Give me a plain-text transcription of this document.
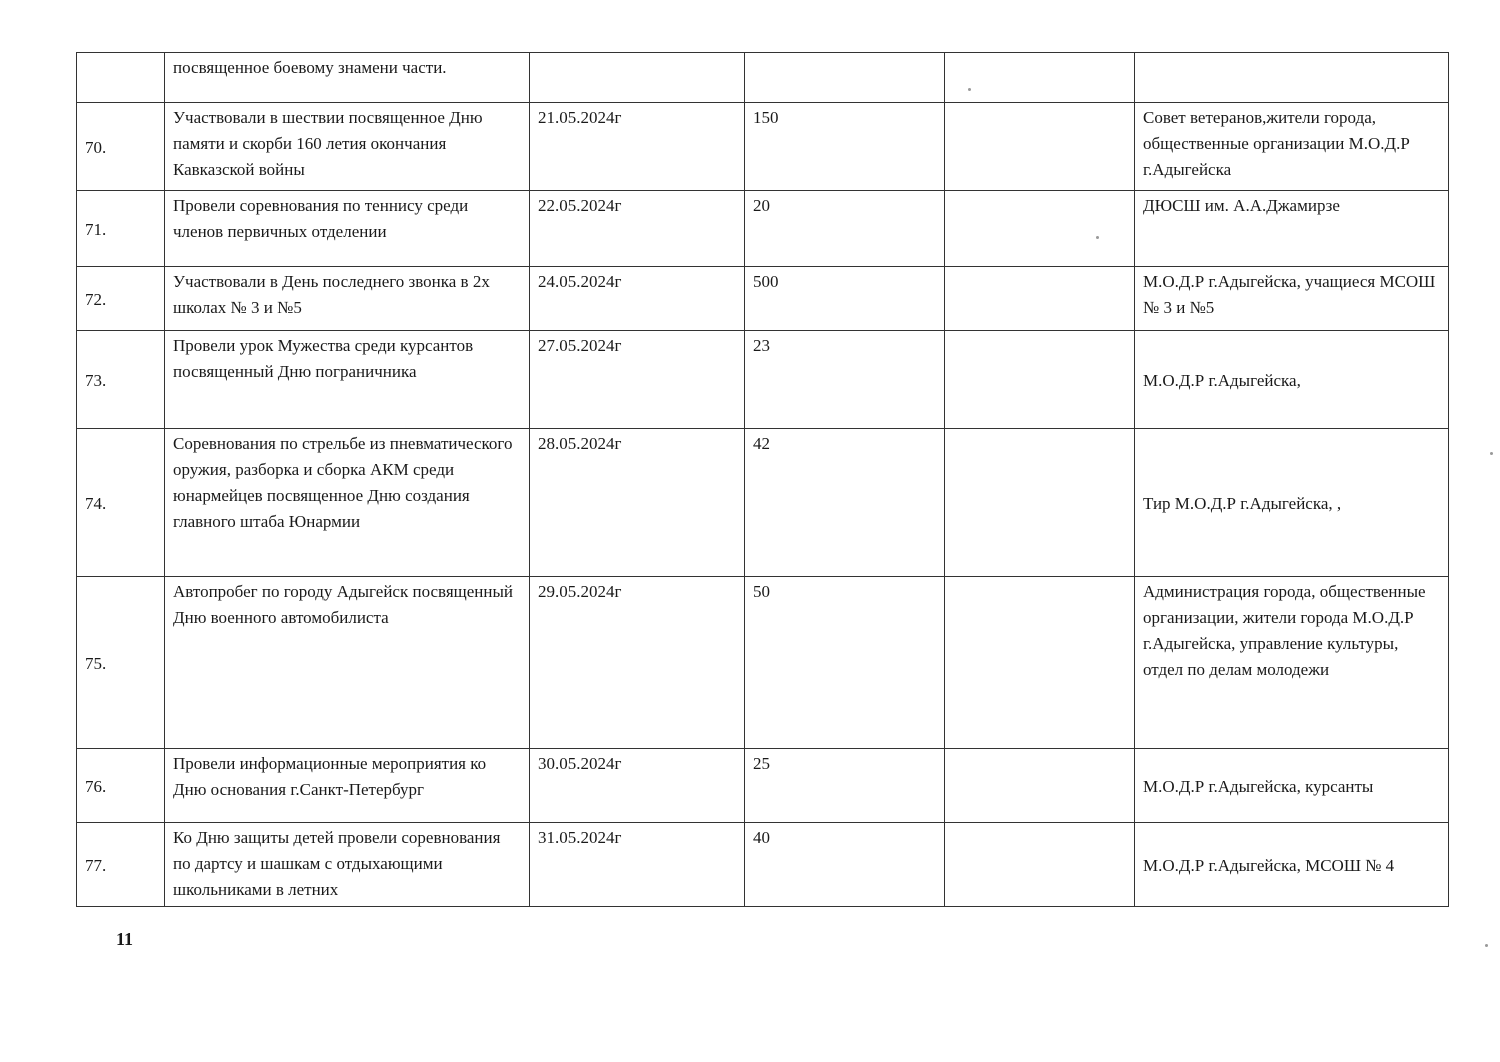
	посвященное боевому знамени части.				
70.	Участвовали в шествии посвященное Дню памяти и скорби 160 летия окончания Кавказской войны	21.05.2024г	150		Совет ветеранов,жители города, общественные организации М.О.Д.Р г.Адыгейска
71.	Провели соревнования по теннису среди членов первичных отделении	22.05.2024г	20		ДЮСШ им. А.А.Джамирзе
72.	Участвовали в День последнего звонка в 2х школах № 3 и №5	24.05.2024г	500		М.О.Д.Р г.Адыгейска, учащиеся МСОШ № 3 и №5
73.	Провели урок Мужества среди курсантов посвященный Дню пограничника	27.05.2024г	23		М.О.Д.Р г.Адыгейска,
74.	Соревнования по стрельбе из пневматического оружия, разборка и сборка АКМ среди юнармейцев посвященное Дню создания главного штаба Юнармии	28.05.2024г	42		Тир М.О.Д.Р г.Адыгейска, ,
75.	Автопробег по городу Адыгейск посвященный Дню военного автомобилиста	29.05.2024г	50		Администрация города, общественные организации, жители города М.О.Д.Р г.Адыгейска, управление культуры, отдел по делам молодежи
76.	Провели информационные мероприятия ко Дню основания г.Санкт-Петербург	30.05.2024г	25		М.О.Д.Р г.Адыгейска, курсанты
77.	Ко Дню защиты детей провели соревнования по дартсу и шашкам с отдыхающими школьниками в летних	31.05.2024г	40		М.О.Д.Р г.Адыгейска, МСОШ № 4
11
